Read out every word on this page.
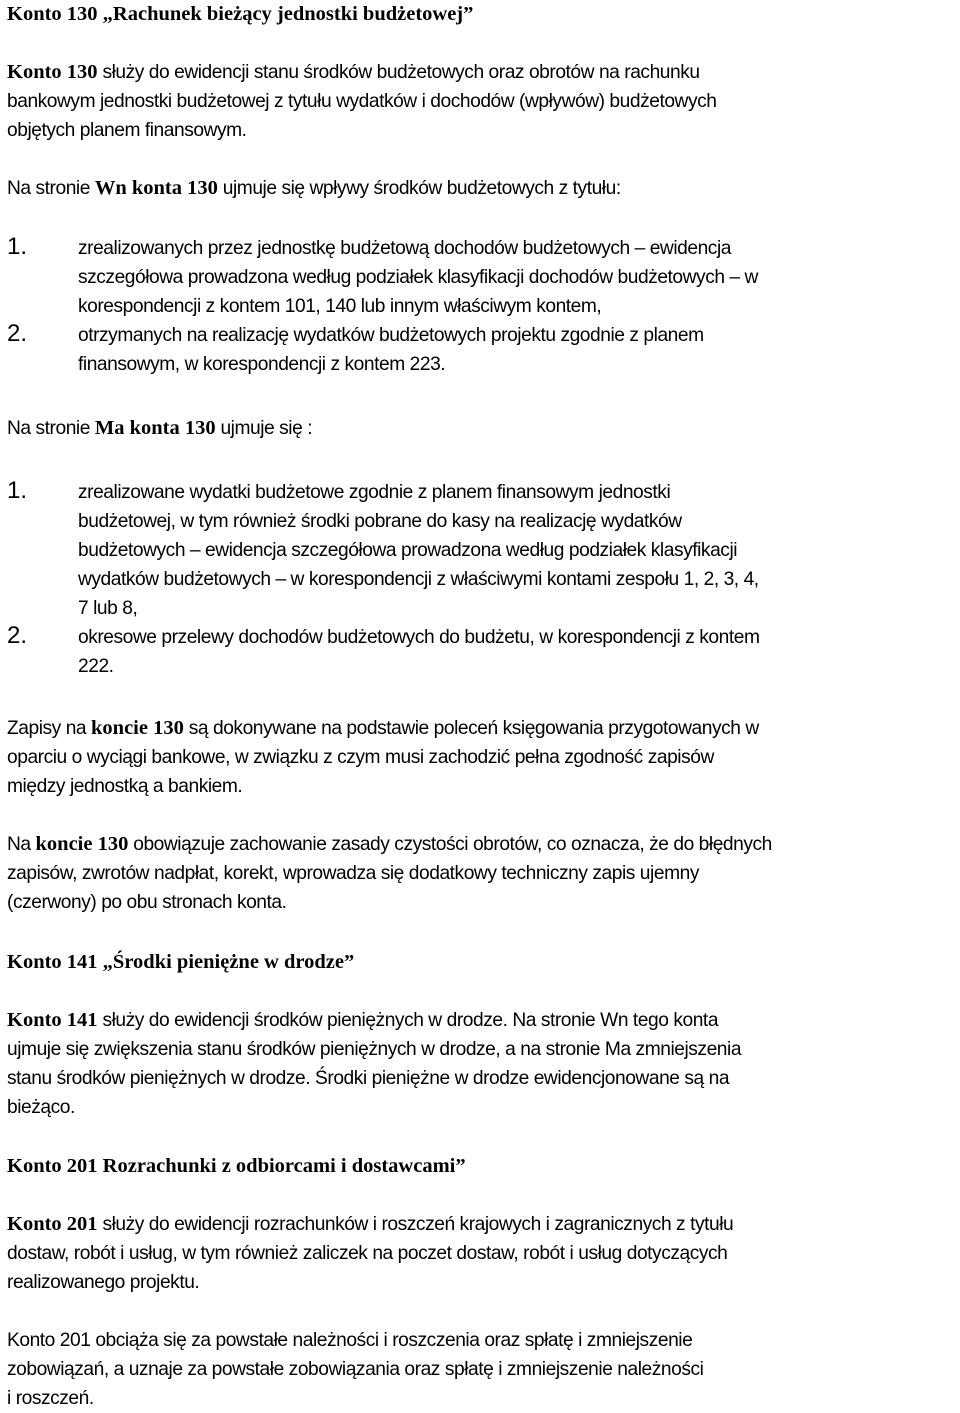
Konto 130 „Rachunek bieżący jednostki budżetowej”
Konto 130 służy do ewidencji stanu środków budżetowych oraz obrotów na rachunku
bankowym jednostki budżetowej z tytułu wydatków i dochodów (wpływów) budżetowych
objętych planem finansowym.
Na stronie Wn konta 130 ujmuje się wpływy środków budżetowych z tytułu:
1.	zrealizowanych przez jednostkę budżetową dochodów budżetowych – ewidencja
szczegółowa prowadzona według podziałek klasyfikacji dochodów budżetowych – w
korespondencji z kontem 101, 140 lub innym właściwym kontem,
2.	otrzymanych na realizację wydatków budżetowych projektu zgodnie z planem
finansowym, w korespondencji z kontem 223.
Na stronie Ma konta 130 ujmuje się :
1.	zrealizowane wydatki budżetowe zgodnie z planem finansowym jednostki
budżetowej, w tym również środki pobrane do kasy na realizację wydatków
budżetowych – ewidencja szczegółowa prowadzona według podziałek klasyfikacji
wydatków budżetowych – w korespondencji z właściwymi kontami zespołu 1, 2, 3, 4,
7 lub 8,
2.	okresowe przelewy dochodów budżetowych do budżetu, w korespondencji z kontem
222.
Zapisy na koncie 130 są dokonywane na podstawie poleceń księgowania przygotowanych w
oparciu o wyciągi bankowe, w związku z czym musi zachodzić pełna zgodność zapisów
między jednostką a bankiem.
Na koncie 130 obowiązuje zachowanie zasady czystości obrotów, co oznacza, że do błędnych
zapisów, zwrotów nadpłat, korekt, wprowadza się dodatkowy techniczny zapis ujemny
(czerwony) po obu stronach konta.
Konto 141 „Środki pieniężne w drodze”
Konto 141 służy do ewidencji środków pieniężnych w drodze. Na stronie Wn tego konta
ujmuje się zwiększenia stanu środków pieniężnych w drodze, a na stronie Ma zmniejszenia
stanu środków pieniężnych w drodze. Środki pieniężne w drodze ewidencjonowane są na
bieżąco.
Konto 201 Rozrachunki z odbiorcami i dostawcami”
Konto 201 służy do ewidencji rozrachunków i roszczeń krajowych i zagranicznych z tytułu
dostaw, robót i usług, w tym również zaliczek na poczet dostaw, robót i usług dotyczących
realizowanego projektu.
Konto 201 obciąża się za powstałe należności i roszczenia oraz spłatę i zmniejszenie
zobowiązań, a uznaje za powstałe zobowiązania oraz spłatę i zmniejszenie należności
i roszczeń.
